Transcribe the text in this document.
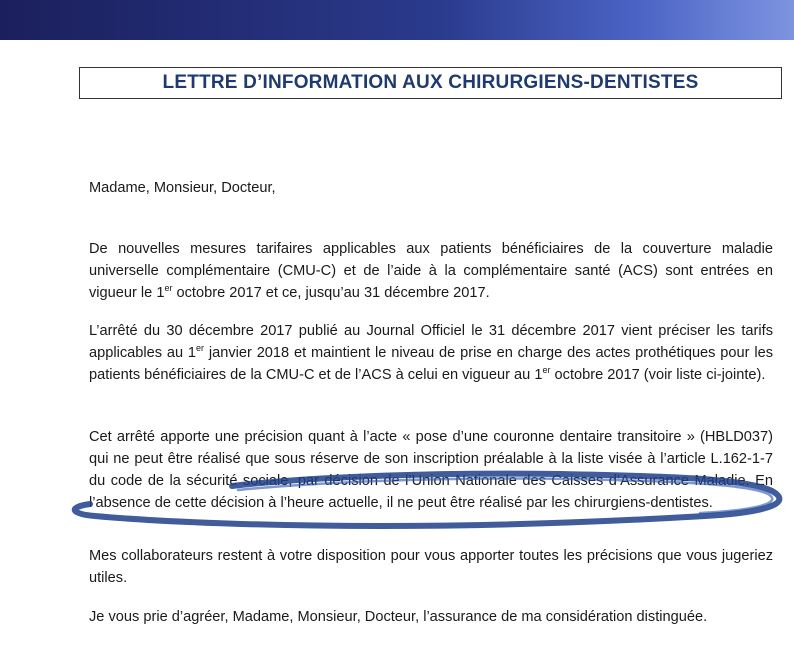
LETTRE D’INFORMATION AUX CHIRURGIENS-DENTISTES
Madame, Monsieur, Docteur,
De nouvelles mesures tarifaires applicables aux patients bénéficiaires de la couverture maladie universelle complémentaire (CMU-C) et de l’aide à la complémentaire santé (ACS) sont entrées en vigueur le 1er octobre 2017 et ce, jusqu’au 31 décembre 2017.
L’arrêté du 30 décembre 2017 publié au Journal Officiel le 31 décembre 2017 vient préciser les tarifs applicables au 1er janvier 2018 et maintient le niveau de prise en charge des actes prothétiques pour les patients bénéficiaires de la CMU-C et de l’ACS à celui en vigueur au 1er octobre 2017 (voir liste ci-jointe).
Cet arrêté apporte une précision quant à l’acte « pose d’une couronne dentaire transitoire » (HBLD037) qui ne peut être réalisé que sous réserve de son inscription préalable à la liste visée à l’article L.162-1-7 du code de la sécurité sociale, par décision de l’Union Nationale des Caisses d’Assurance Maladie. En l’absence de cette décision à l’heure actuelle, il ne peut être réalisé par les chirurgiens-dentistes.
Mes collaborateurs restent à votre disposition pour vous apporter toutes les précisions que vous jugeriez utiles.
Je vous prie d’agréer, Madame, Monsieur, Docteur, l’assurance de ma considération distinguée.
